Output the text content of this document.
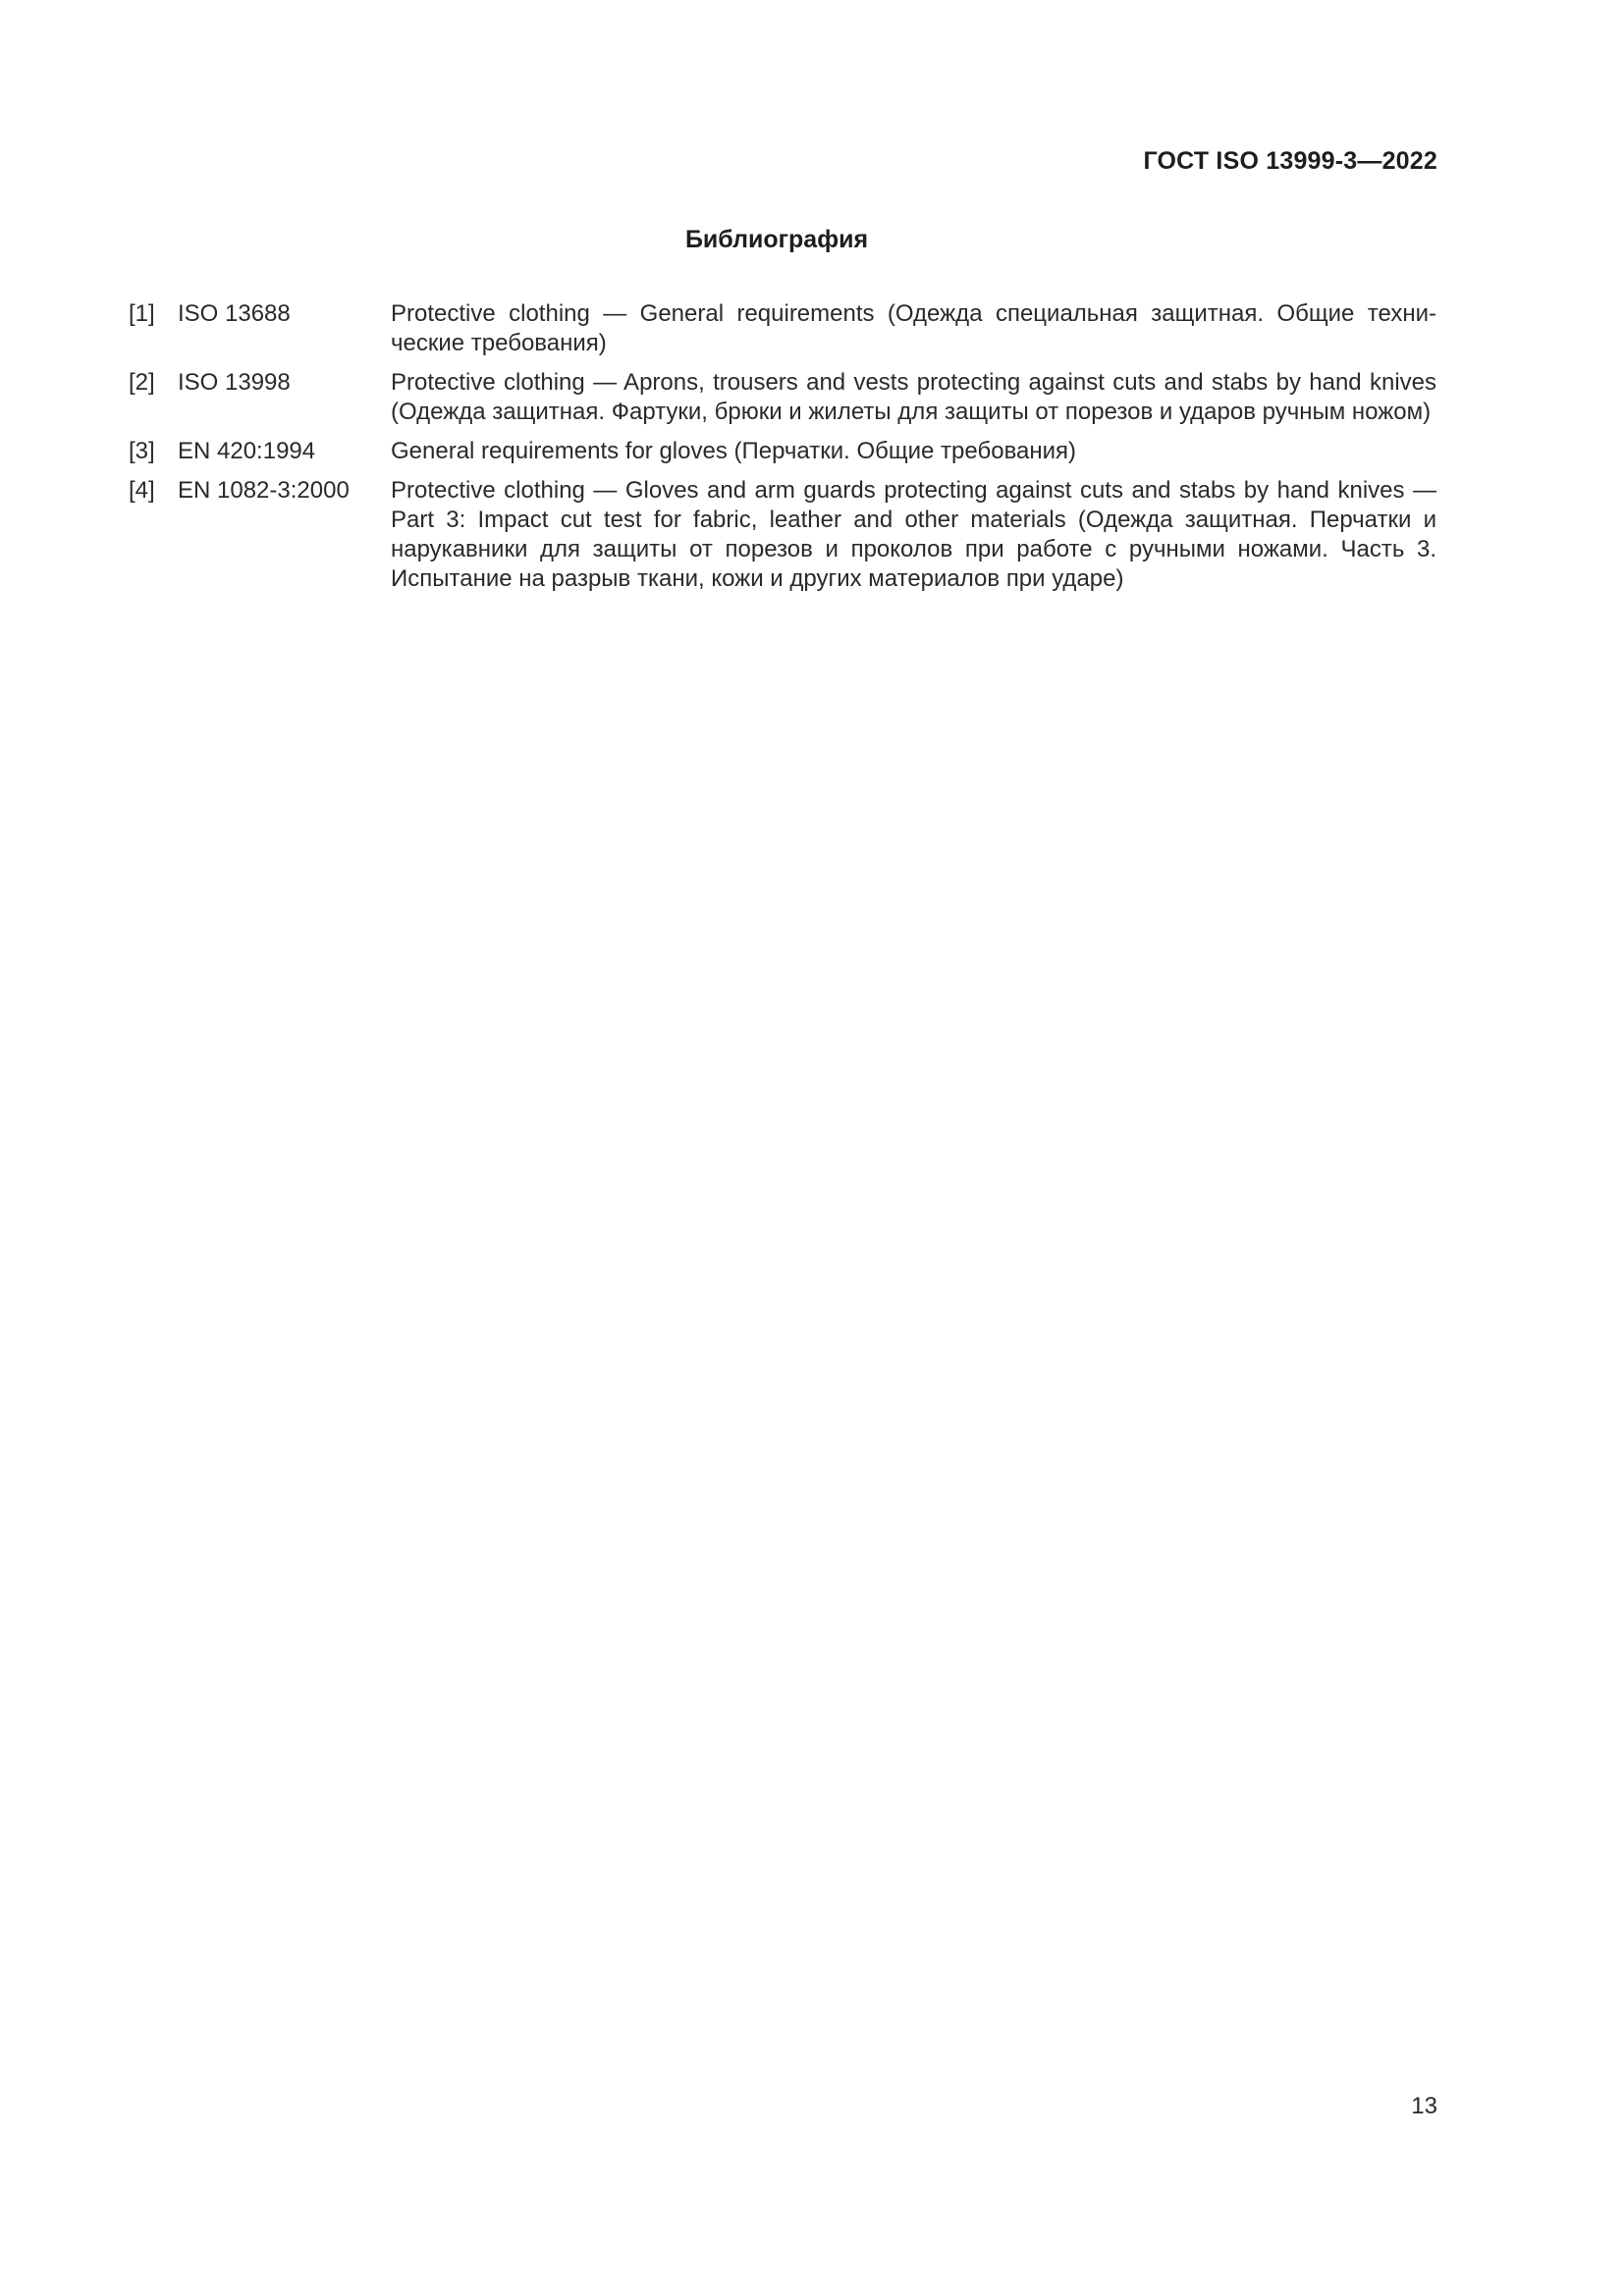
ГОСТ ISO 13999-3—2022
Библиография
[1] ISO 13688	Protective clothing — General requirements (Одежда специальная защитная. Общие технические требования)
[2] ISO 13998	Protective clothing — Aprons, trousers and vests protecting against cuts and stabs by hand knives (Одежда защитная. Фартуки, брюки и жилеты для защиты от порезов и ударов ручным ножом)
[3] EN 420:1994	General requirements for gloves (Перчатки. Общие требования)
[4] EN 1082-3:2000	Protective clothing — Gloves and arm guards protecting against cuts and stabs by hand knives — Part 3: Impact cut test for fabric, leather and other materials (Одежда защитная. Перчатки и нарукавники для защиты от порезов и проколов при работе с ручными ножами. Часть 3. Испытание на разрыв ткани, кожи и других материалов при ударе)
13
